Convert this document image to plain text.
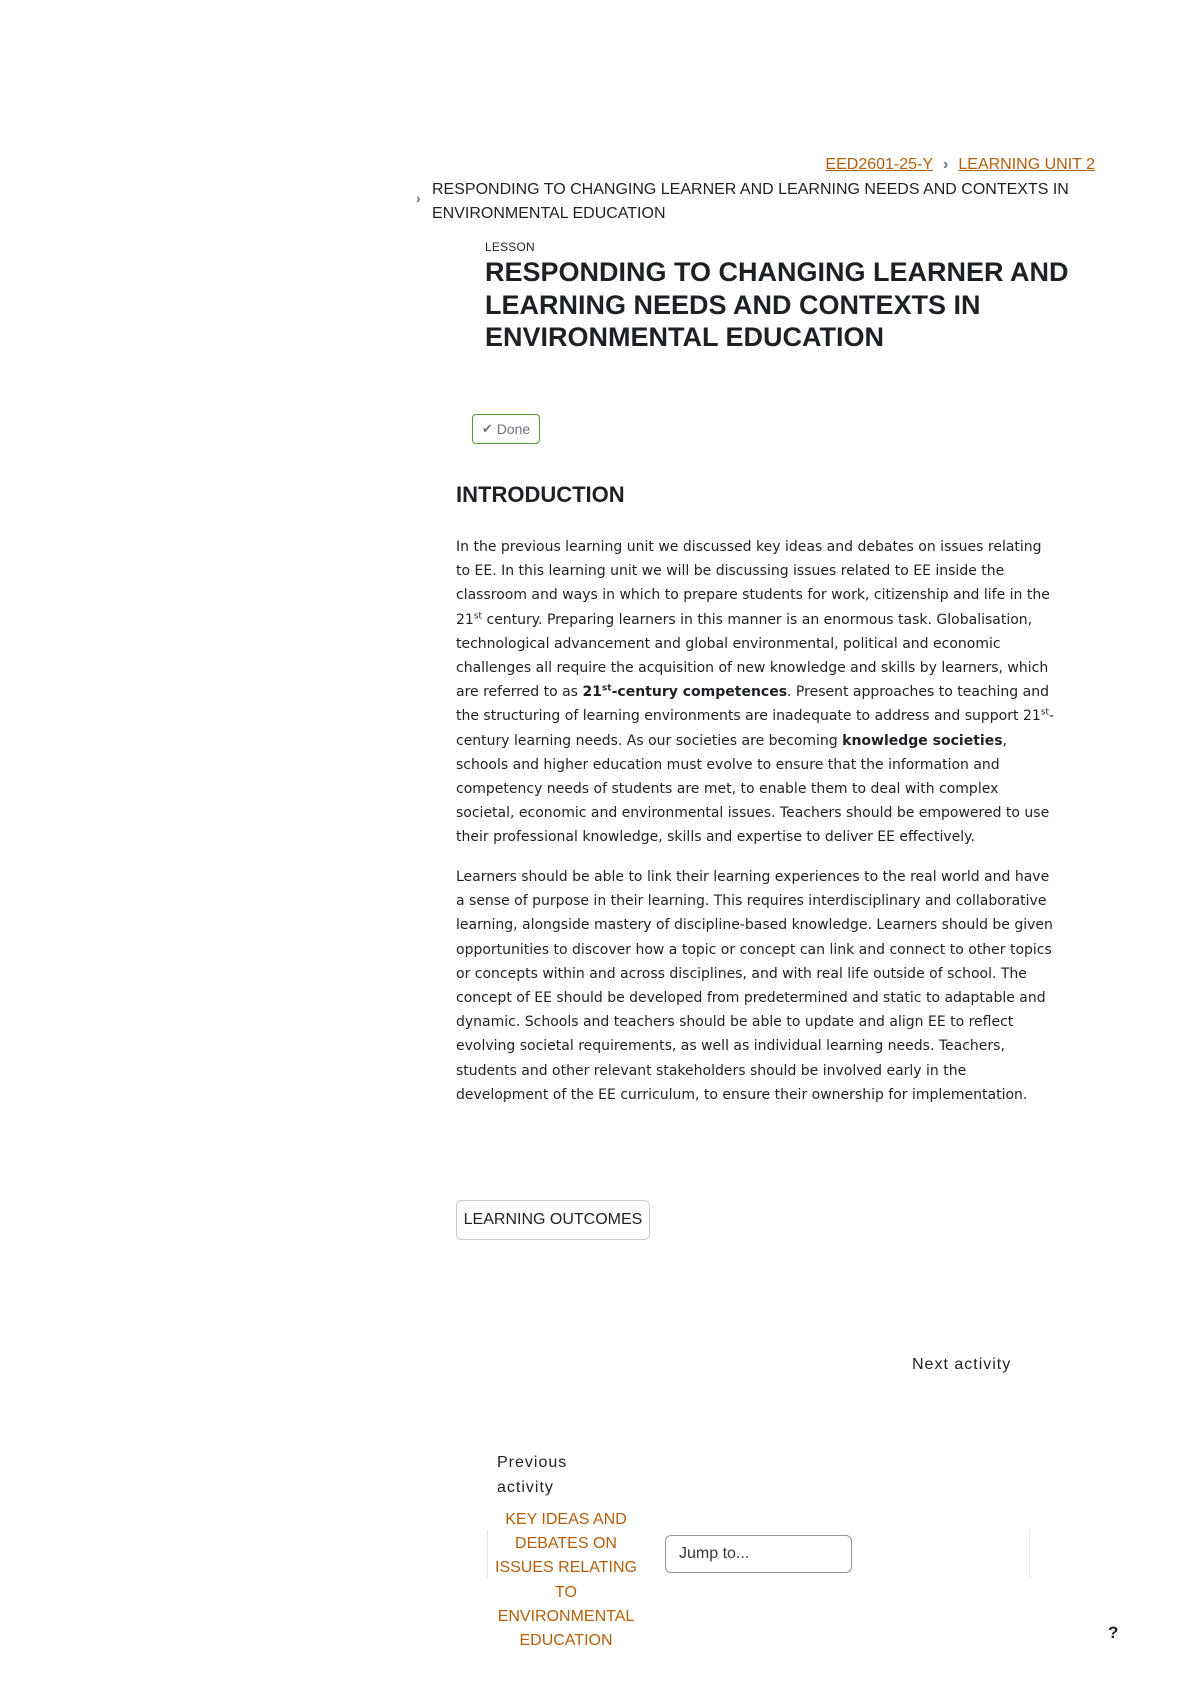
EED2601-25-Y › LEARNING UNIT 2
› RESPONDING TO CHANGING LEARNER AND LEARNING NEEDS AND CONTEXTS IN ENVIRONMENTAL EDUCATION
LESSON
RESPONDING TO CHANGING LEARNER AND LEARNING NEEDS AND CONTEXTS IN ENVIRONMENTAL EDUCATION
✔ Done
INTRODUCTION

In the previous learning unit we discussed key ideas and debates on issues relating to EE. In this learning unit we will be discussing issues related to EE inside the classroom and ways in which to prepare students for work, citizenship and life in the 21st century. Preparing learners in this manner is an enormous task. Globalisation, technological advancement and global environmental, political and economic challenges all require the acquisition of new knowledge and skills by learners, which are referred to as 21st-century competences. Present approaches to teaching and the structuring of learning environments are inadequate to address and support 21st-century learning needs. As our societies are becoming knowledge societies, schools and higher education must evolve to ensure that the information and competency needs of students are met, to enable them to deal with complex societal, economic and environmental issues. Teachers should be empowered to use their professional knowledge, skills and expertise to deliver EE effectively.

Learners should be able to link their learning experiences to the real world and have a sense of purpose in their learning. This requires interdisciplinary and collaborative learning, alongside mastery of discipline-based knowledge. Learners should be given opportunities to discover how a topic or concept can link and connect to other topics or concepts within and across disciplines, and with real life outside of school. The concept of EE should be developed from predetermined and static to adaptable and dynamic. Schools and teachers should be able to update and align EE to reflect evolving societal requirements, as well as individual learning needs. Teachers, students and other relevant stakeholders should be involved early in the development of the EE curriculum, to ensure their ownership for implementation.

LEARNING OUTCOMES
Next activity
Previous activity
KEY IDEAS AND DEBATES ON ISSUES RELATING TO ENVIRONMENTAL EDUCATION
Jump to...
?
